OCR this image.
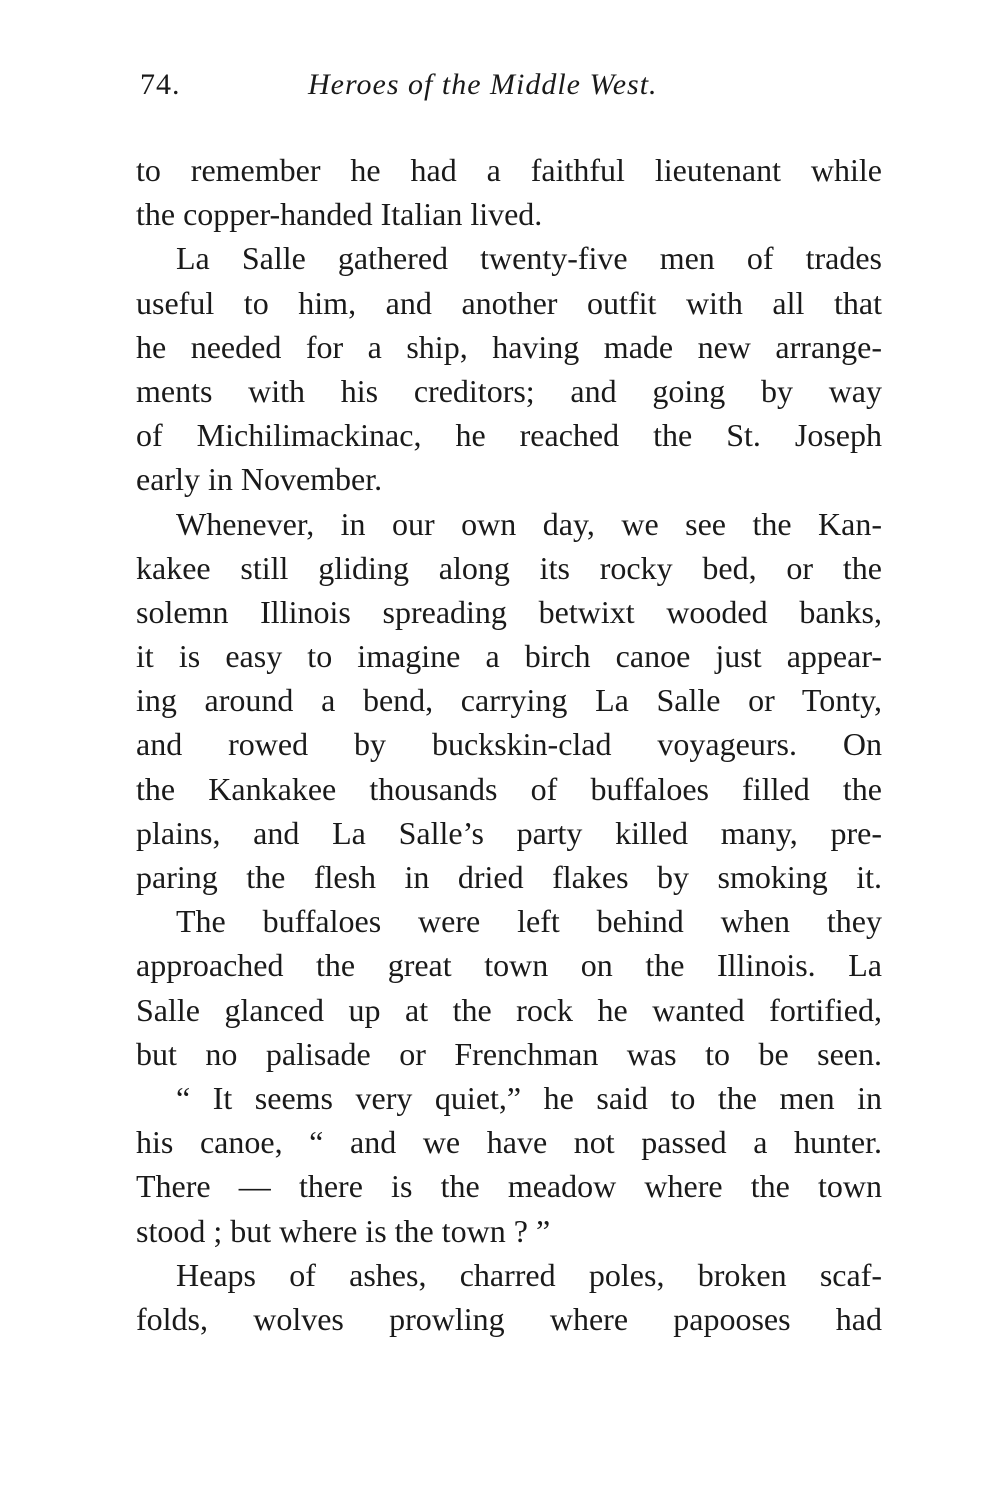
74.	Heroes of the Middle West.
to remember he had a faithful lieutenant while
the copper-handed Italian lived.
La Salle gathered twenty-five men of trades
useful to him, and another outfit with all that
he needed for a ship, having made new arrange-
ments with his creditors; and going by way
of Michilimackinac, he reached the St. Joseph
early in November.
Whenever, in our own day, we see the Kan-
kakee still gliding along its rocky bed, or the
solemn Illinois spreading betwixt wooded banks,
it is easy to imagine a birch canoe just appear-
ing around a bend, carrying La Salle or Tonty,
and rowed by buckskin-clad voyageurs. On
the Kankakee thousands of buffaloes filled the
plains, and La Salle’s party killed many, pre-
paring the flesh in dried flakes by smoking it.
The buffaloes were left behind when they
approached the great town on the Illinois. La
Salle glanced up at the rock he wanted fortified,
but no palisade or Frenchman was to be seen.
“ It seems very quiet,” he said to the men in
his canoe, “ and we have not passed a hunter.
There — there is the meadow where the town
stood ; but where is the town ? ”
Heaps of ashes, charred poles, broken scaf-
folds, wolves prowling where papooses had
